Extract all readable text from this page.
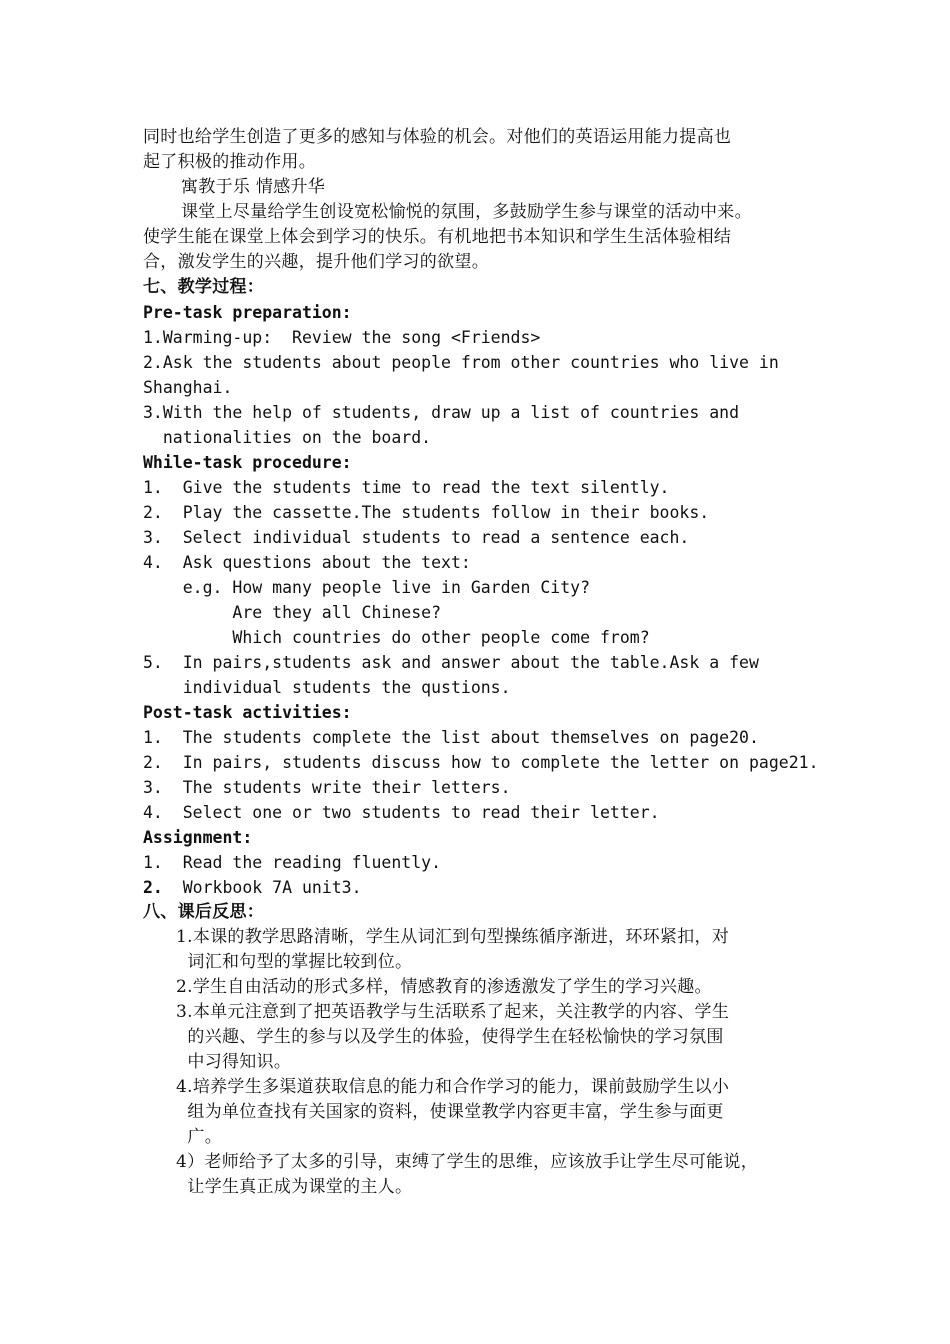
同时也给学生创造了更多的感知与体验的机会。对他们的英语运用能力提高也
起了积极的推动作用。
寓教于乐 情感升华
课堂上尽量给学生创设宽松愉悦的氛围，多鼓励学生参与课堂的活动中来。
使学生能在课堂上体会到学习的快乐。有机地把书本知识和学生生活体验相结
合，激发学生的兴趣，提升他们学习的欲望。
七、教学过程：
Pre-task preparation:
1.Warming-up:  Review the song <Friends>
2.Ask the students about people from other countries who live in
Shanghai.
3.With the help of students, draw up a list of countries and
nationalities on the board.
While-task procedure:
1.  Give the students time to read the text silently.
2.  Play the cassette.The students follow in their books.
3.  Select individual students to read a sentence each.
4.  Ask questions about the text:
e.g. How many people live in Garden City?
Are they all Chinese?
Which countries do other people come from?
5.  In pairs,students ask and answer about the table.Ask a few
individual students the qustions.
Post-task activities:
1.  The students complete the list about themselves on page20.
2.  In pairs, students discuss how to complete the letter on page21.
3.  The students write their letters.
4.  Select one or two students to read their letter.
Assignment:
1.  Read the reading fluently.
2.  Workbook 7A unit3.
八、课后反思：
1.本课的教学思路清晰，学生从词汇到句型操练循序渐进，环环紧扣，对
词汇和句型的掌握比较到位。
2.学生自由活动的形式多样，情感教育的渗透激发了学生的学习兴趣。
3.本单元注意到了把英语教学与生活联系了起来，关注教学的内容、学生
的兴趣、学生的参与以及学生的体验，使得学生在轻松愉快的学习氛围
中习得知识。
4.培养学生多渠道获取信息的能力和合作学习的能力，课前鼓励学生以小
组为单位查找有关国家的资料，使课堂教学内容更丰富，学生参与面更
广。
4）老师给予了太多的引导，束缚了学生的思维，应该放手让学生尽可能说，
让学生真正成为课堂的主人。
